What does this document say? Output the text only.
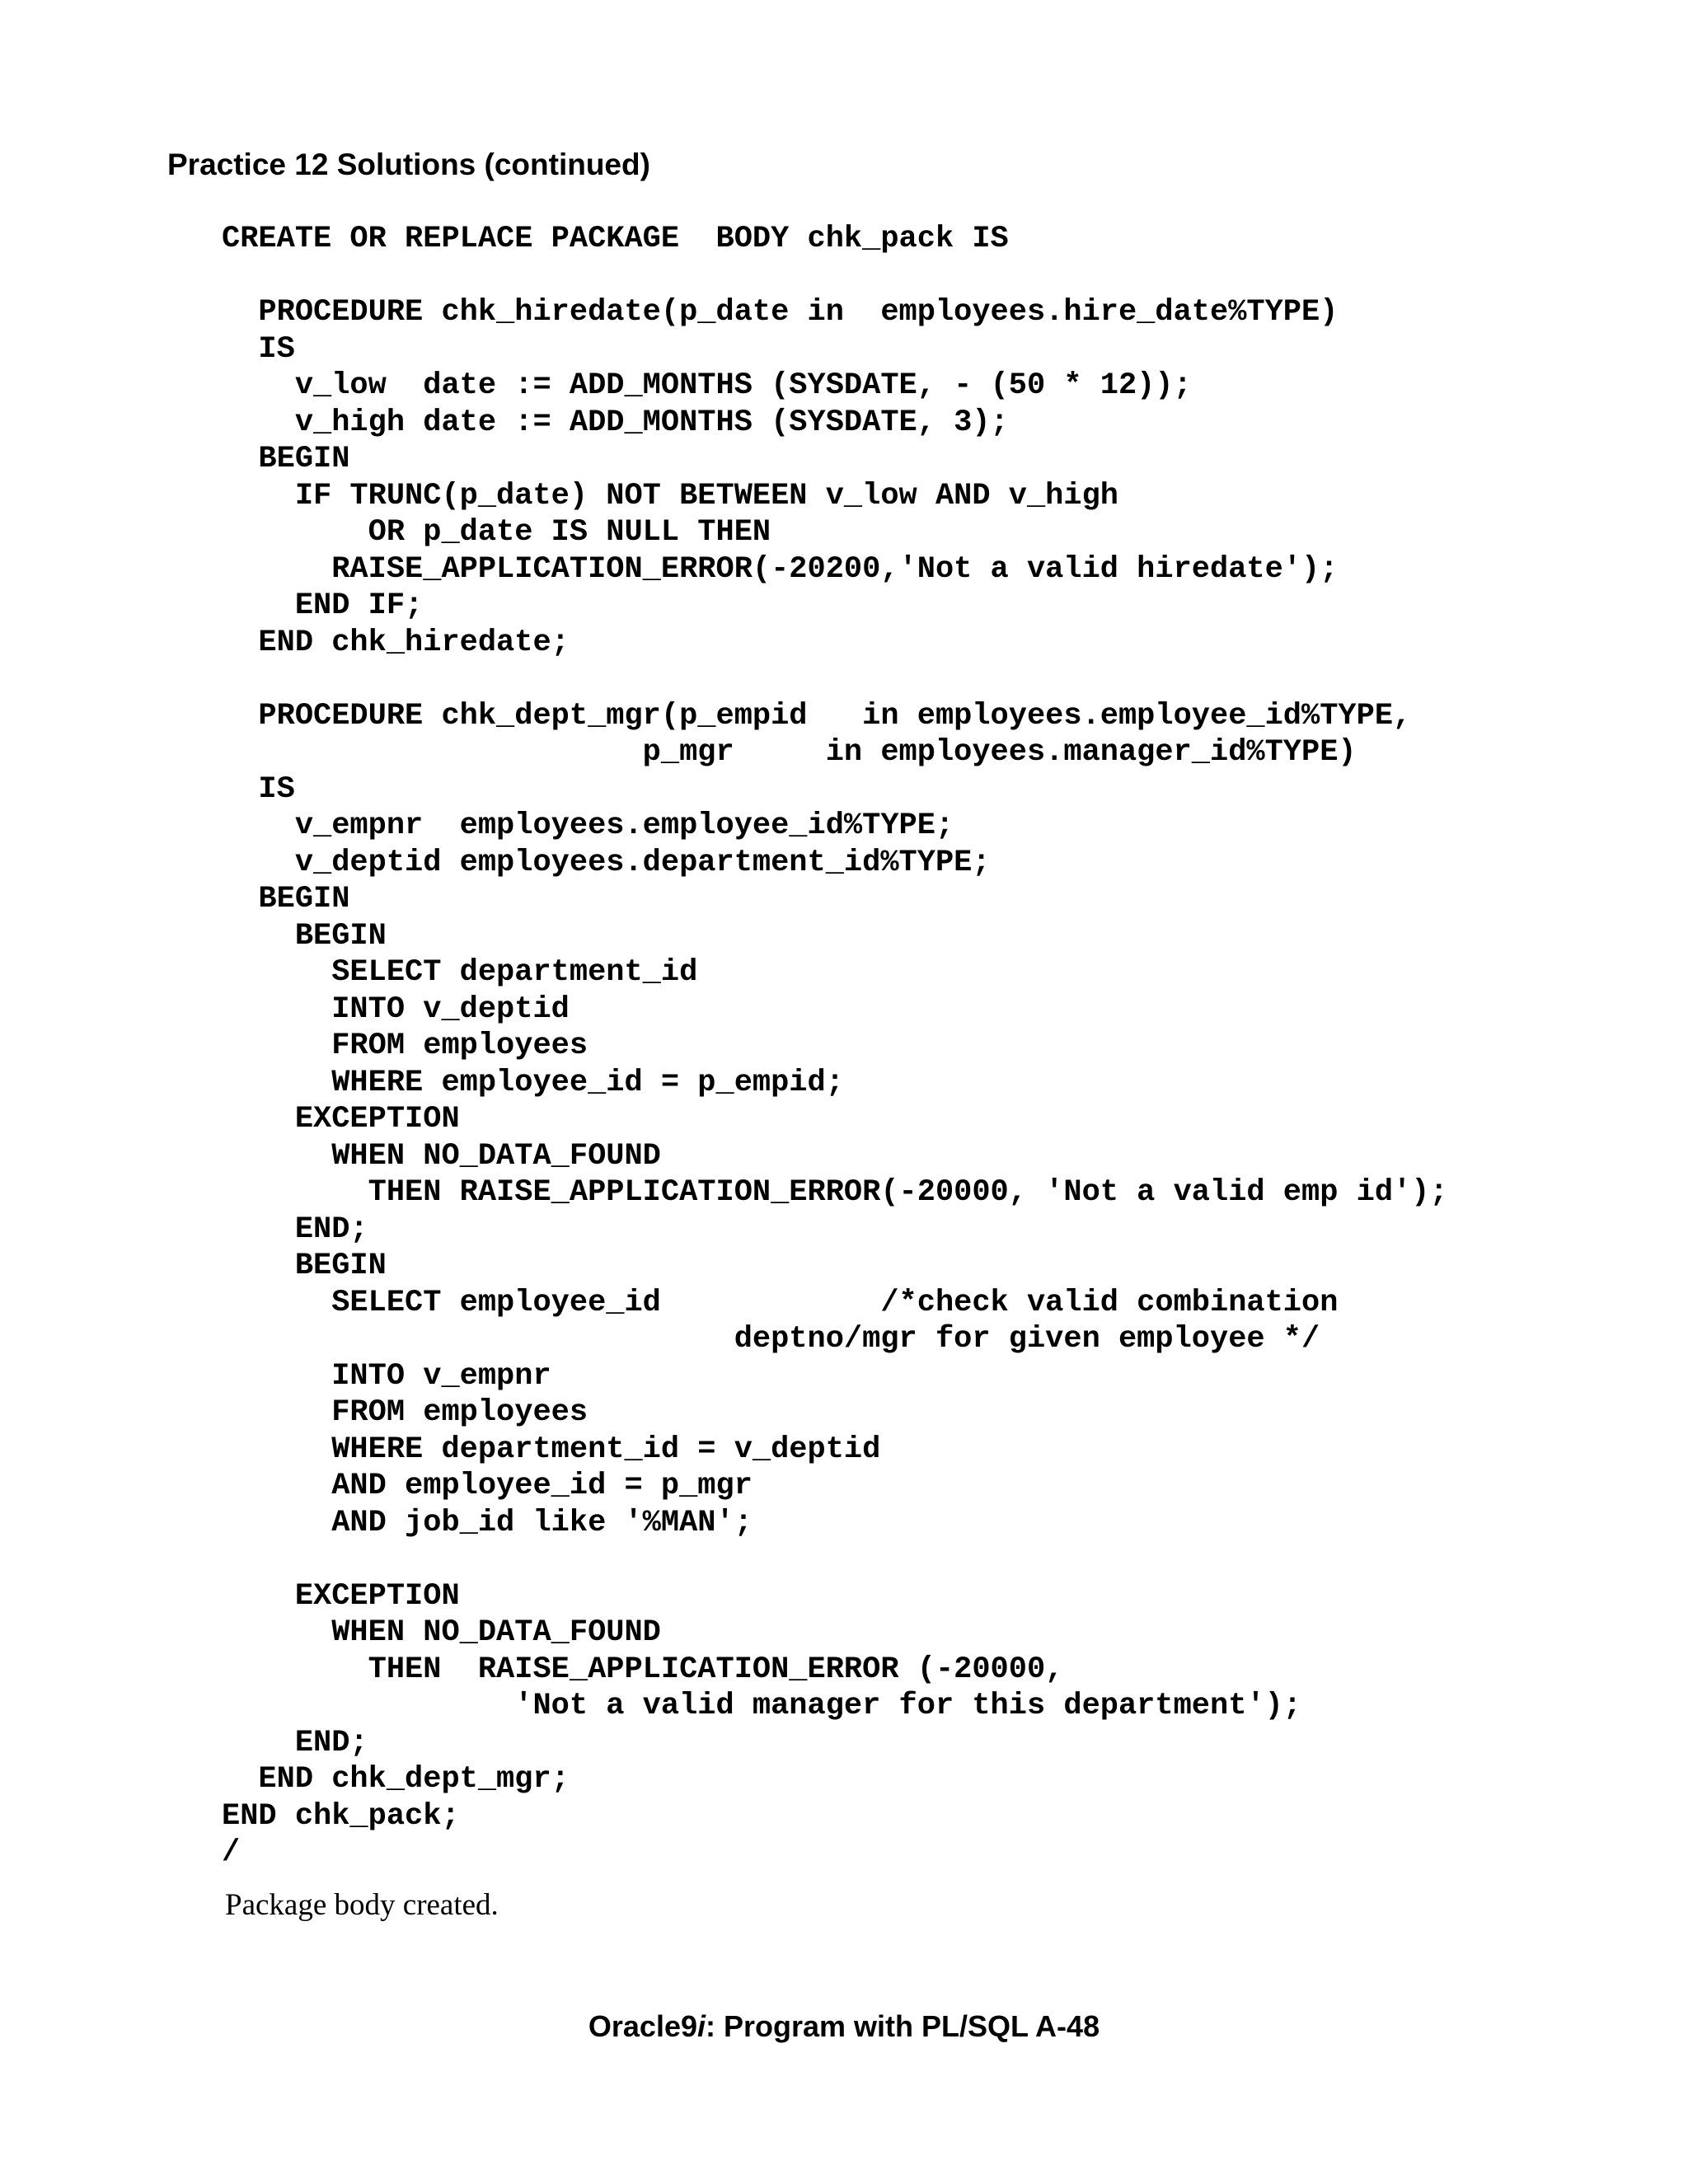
Practice 12 Solutions (continued)
CREATE OR REPLACE PACKAGE  BODY chk_pack IS
PROCEDURE chk_hiredate(p_date in  employees.hire_date%TYPE)
IS
v_low  date := ADD_MONTHS (SYSDATE, - (50 * 12));
v_high date := ADD_MONTHS (SYSDATE, 3);
BEGIN
IF TRUNC(p_date) NOT BETWEEN v_low AND v_high
OR p_date IS NULL THEN
RAISE_APPLICATION_ERROR(-20200,'Not a valid hiredate');
END IF;
END chk_hiredate;
PROCEDURE chk_dept_mgr(p_empid   in employees.employee_id%TYPE,
p_mgr     in employees.manager_id%TYPE)
IS
v_empnr  employees.employee_id%TYPE;
v_deptid employees.department_id%TYPE;
BEGIN
BEGIN
SELECT department_id
INTO v_deptid
FROM employees
WHERE employee_id = p_empid;
EXCEPTION
WHEN NO_DATA_FOUND
THEN RAISE_APPLICATION_ERROR(-20000, 'Not a valid emp id');
END;
BEGIN
SELECT employee_id            /*check valid combination
deptno/mgr for given employee */
INTO v_empnr
FROM employees
WHERE department_id = v_deptid
AND employee_id = p_mgr
AND job_id like '%MAN';
EXCEPTION
WHEN NO_DATA_FOUND
THEN  RAISE_APPLICATION_ERROR (-20000,
'Not a valid manager for this department');
END;
END chk_dept_mgr;
END chk_pack;
/

Package body created.

Oracle9i: Program with PL/SQL A-48
